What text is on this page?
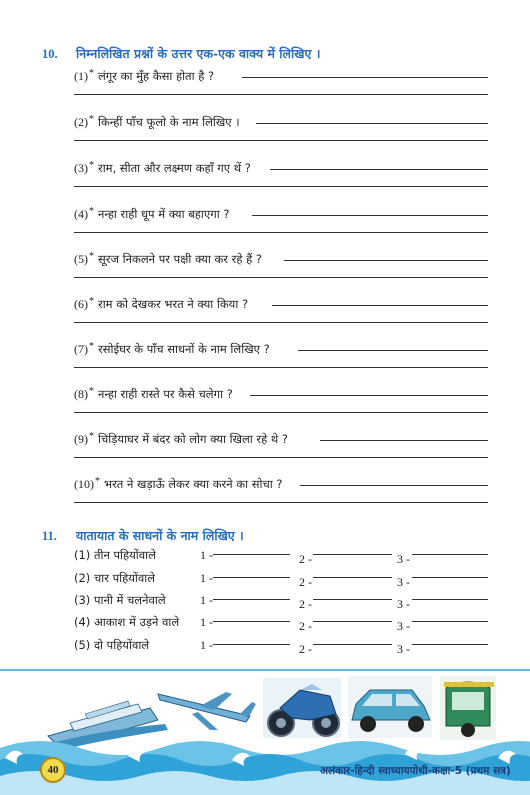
10. निम्नलिखित प्रश्नों के उत्तर एक-एक वाक्य में लिखिए ।
(1)* लंगूर का मुँह कैसा होता है ?
(2)* किन्हीं पाँच फूलो के नाम लिखिए ।
(3)* राम, सीता और लक्ष्मण कहाँ गए थें ?
(4)* नन्हा राही धूप में क्या बहाएगा ?
(5)* सूरज निकलने पर पक्षी क्या कर रहे हैं ?
(6)* राम को देखकर भरत ने क्या किया ?
(7)* रसोईघर के पाँच साधनों के नाम लिखिए ?
(8)* नन्हा राही रास्ते पर कैसे चलेगा ?
(9)* चिड़ियाघर में बंदर को लोग क्या खिला रहे थे ?
(10)* भरत ने खड़ाऊँ लेकर क्या करने का सोचा ?
11. यातायात के साधनों के नाम लिखिए ।
(1) तीन पहियोंवाले	1 -	2 -	3 -
(2) चार पहियोंवाले	1 -	2 -	3 -
(3) पानी में चलनेवाले	1 -	2 -	3 -
(4) आकाश में उड़ने वाले 1 -	2 -	3 -
(5) दो पहियोंवाले	1 -	2 -	3 -
40	अलंकार-हिन्दी स्वाध्यायपोथी-कक्षा-5 (प्रथम सत्र)
